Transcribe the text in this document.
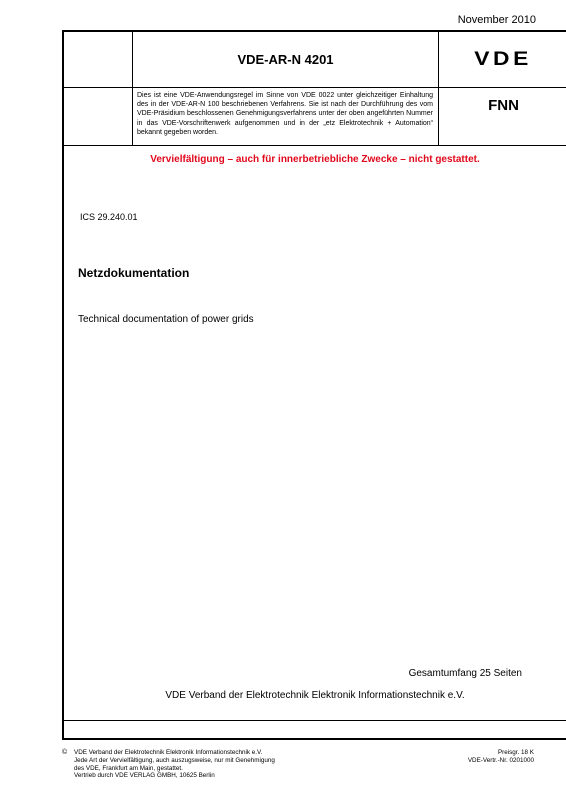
November 2010
VDE-AR-N 4201	VDE
Dies ist eine VDE-Anwendungsregel im Sinne von VDE 0022 unter gleichzeitiger Einhaltung des in der VDE-AR-N 100 beschriebenen Verfahrens. Sie ist nach der Durchführung des vom VDE-Präsidium beschlossenen Genehmigungsverfahrens unter der oben angeführten Nummer in das VDE-Vorschriftenwerk aufgenommen und in der „etz Elektrotechnik + Automation“ bekannt gegeben worden.
FNN
Vervielfältigung – auch für innerbetriebliche Zwecke – nicht gestattet.
ICS 29.240.01
Netzdokumentation
Technical documentation of power grids
Gesamtumfang 25 Seiten
VDE Verband der Elektrotechnik Elektronik Informationstechnik e.V.
© VDE Verband der Elektrotechnik Elektronik Informationstechnik e.V.
Jede Art der Vervielfältigung, auch auszugsweise, nur mit Genehmigung
des VDE, Frankfurt am Main, gestattet.
Vertrieb durch VDE VERLAG GMBH, 10625 Berlin
Preisgr. 18 K
VDE-Vertr.-Nr. 0201000
